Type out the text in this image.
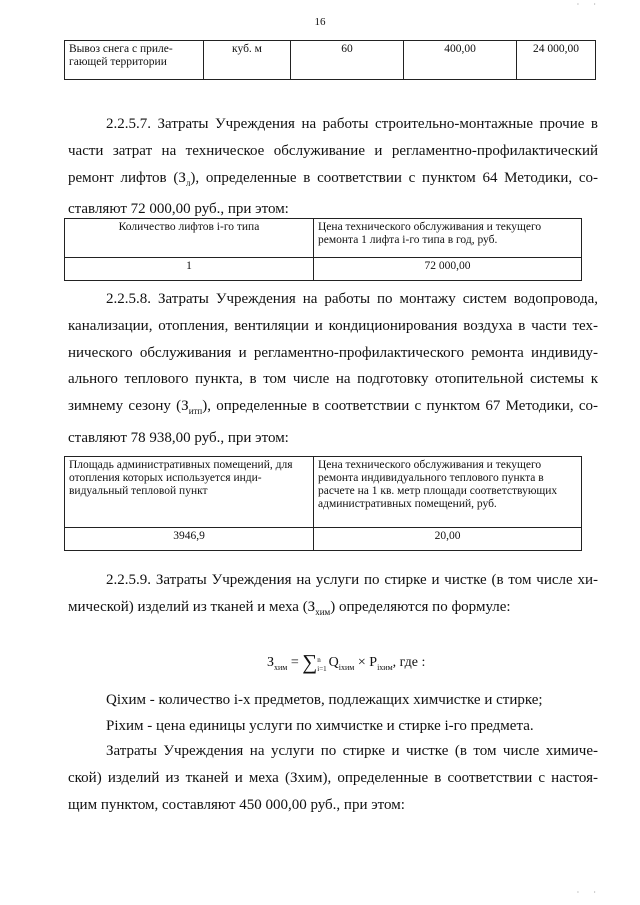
16
Вывоз снега с приле-гающей территории	куб. м	60	400,00	24 000,00

2.2.5.7. Затраты Учреждения на работы строительно-монтажные прочие в части затрат на техническое обслуживание и регламентно-профилактический ремонт лифтов $(З_л)$, определенные в соответствии с пунктом 64 Методики, со-ставляют 72 000,00 руб., при этом:

Количество лифтов i-го типа	Цена технического обслуживания и текущего ремонта 1 лифта i-го типа в год, руб.
1	72 000,00

2.2.5.8. Затраты Учреждения на работы по монтажу систем водопровода, канализации, отопления, вентиляции и кондиционирования воздуха в части тех-нического обслуживания и регламентно-профилактического ремонта индивиду-ального теплового пункта, в том числе на подготовку отопительной системы к зимнему сезону $(З_{итп})$, определенные в соответствии с пунктом 67 Методики, со-ставляют 78 938,00 руб., при этом:

Площадь административных помещений, для отопления которых используется инди-видуальный тепловой пункт	Цена технического обслуживания и текущего ремонта индивидуального теплового пункта в расчете на 1 кв. метр площади соответствующих административных помещений, руб.
3946,9	20,00

2.2.5.9. Затраты Учреждения на услуги по стирке и чистке (в том числе хи-мической) изделий из тканей и меха $(З_{хим})$ определяются по формуле:

$З_{хим} = \sum n$
i=1 $Q_{iхим} \times P_{iхим}$, где :
Qiхим - количество i-х предметов, подлежащих химчистке и стирке;
Piхим - цена единицы услуги по химчистке и стирке i-го предмета.

Затраты Учреждения на услуги по стирке и чистке (в том числе химиче-ской) изделий из тканей и меха (Зхим), определенные в соответствии с настоя-щим пунктом, составляют 450 000,00 руб., при этом:

· ·
· ·
